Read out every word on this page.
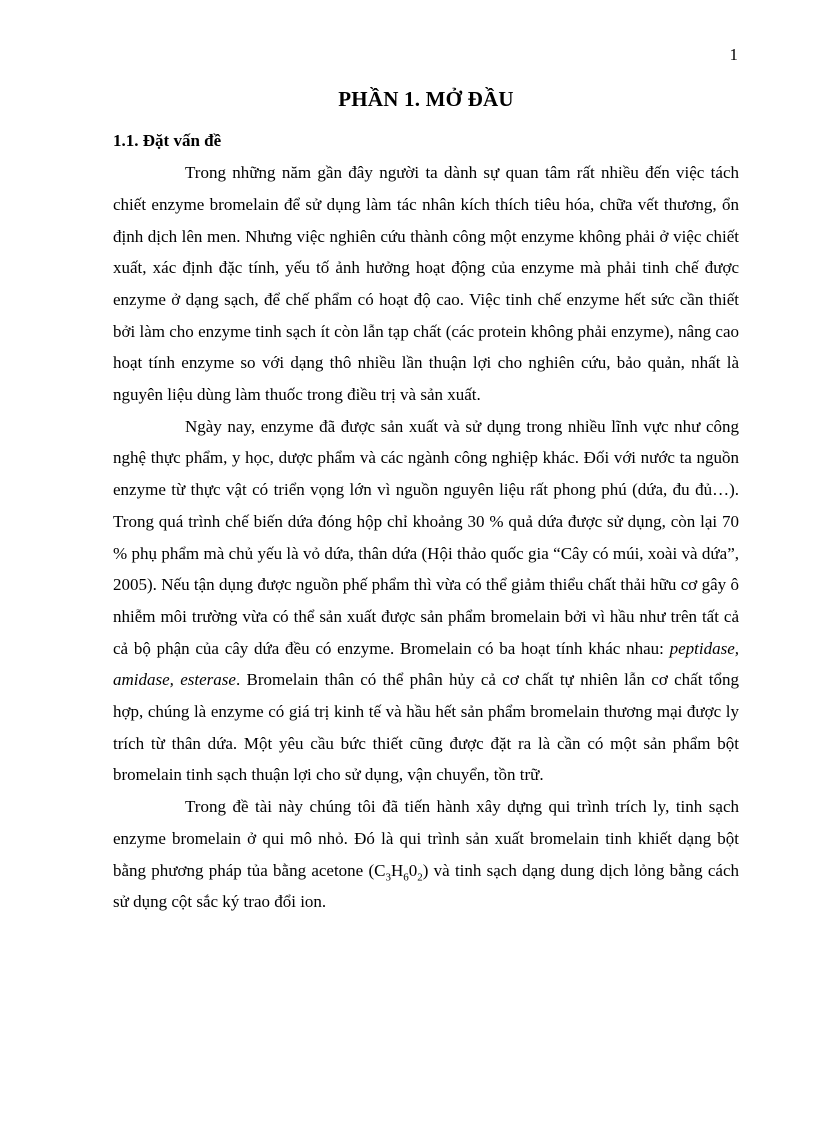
1
PHẦN 1. MỞ ĐẦU
1.1. Đặt vấn đề

Trong những năm gần đây người ta dành sự quan tâm rất nhiều đến việc tách chiết enzyme bromelain để sử dụng làm tác nhân kích thích tiêu hóa, chữa vết thương, ổn định dịch lên men. Nhưng việc nghiên cứu thành công một enzyme không phải ở việc chiết xuất, xác định đặc tính, yếu tố ảnh hưởng hoạt động của enzyme mà phải tinh chế được enzyme ở dạng sạch, để chế phẩm có hoạt độ cao. Việc tinh chế enzyme hết sức cần thiết bởi làm cho enzyme tinh sạch ít còn lẫn tạp chất (các protein không phải enzyme), nâng cao hoạt tính enzyme so với dạng thô nhiều lần thuận lợi cho nghiên cứu, bảo quản, nhất là nguyên liệu dùng làm thuốc trong điều trị và sản xuất.

Ngày nay, enzyme đã được sản xuất và sử dụng trong nhiều lĩnh vực như công nghệ thực phẩm, y học, dược phẩm và các ngành công nghiệp khác. Đối với nước ta nguồn enzyme từ thực vật có triển vọng lớn vì nguồn nguyên liệu rất phong phú (dứa, đu đủ…). Trong quá trình chế biến dứa đóng hộp chỉ khoảng 30 % quả dứa được sử dụng, còn lại 70 % phụ phẩm mà chủ yếu là vỏ dứa, thân dứa (Hội thảo quốc gia “Cây có múi, xoài và dứa”, 2005). Nếu tận dụng được nguồn phế phẩm thì vừa có thể giảm thiểu chất thải hữu cơ gây ô nhiễm môi trường vừa có thể sản xuất được sản phẩm bromelain bởi vì hầu như trên tất cả cả bộ phận của cây dứa đều có enzyme. Bromelain có ba hoạt tính khác nhau: peptidase, amidase, esterase. Bromelain thân có thể phân hủy cả cơ chất tự nhiên lẫn cơ chất tổng hợp, chúng là enzyme có giá trị kinh tế và hầu hết sản phẩm bromelain thương mại được ly trích từ thân dứa. Một yêu cầu bức thiết cũng được đặt ra là cần có một sản phẩm bột bromelain tinh sạch thuận lợi cho sử dụng, vận chuyển, tồn trữ.

Trong đề tài này chúng tôi đã tiến hành xây dựng qui trình trích ly, tinh sạch enzyme bromelain ở qui mô nhỏ. Đó là qui trình sản xuất bromelain tinh khiết dạng bột bằng phương pháp tủa bằng acetone $(C_3H_60_2)$ và tinh sạch dạng dung dịch lỏng bằng cách sử dụng cột sắc ký trao đổi ion.
